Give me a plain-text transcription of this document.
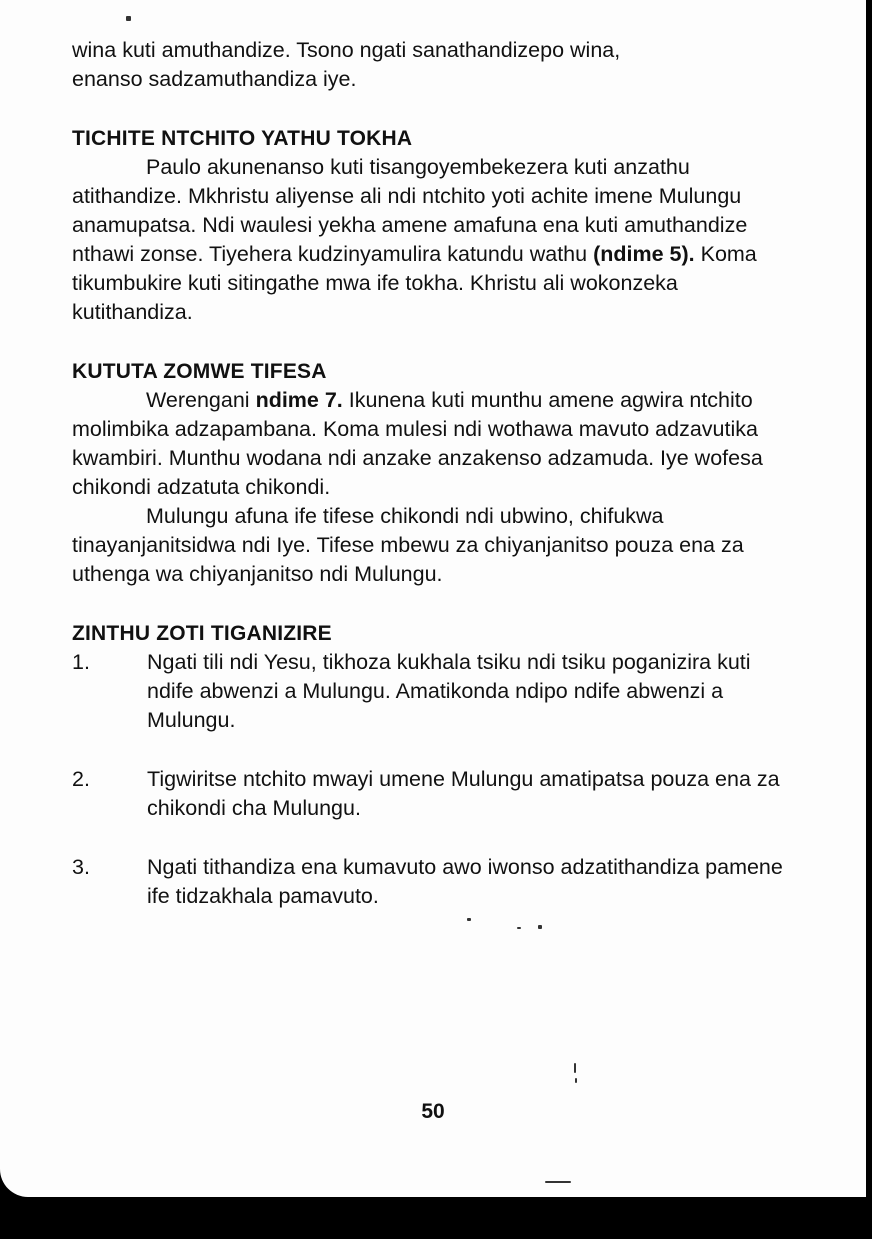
wina kuti amuthandize. Tsono ngati sanathandizepo wina,
enanso sadzamuthandiza iye.

TICHITE NTCHITO YATHU TOKHA

Paulo akunenanso kuti tisangoyembekezera kuti anzathu atithandize. Mkhristu aliyense ali ndi ntchito yoti achite imene Mulungu anamupatsa. Ndi waulesi yekha amene amafuna ena kuti amuthandize nthawi zonse. Tiyehera kudzinyamulira katundu wathu (ndime 5). Koma tikumbukire kuti sitingathe mwa ife tokha. Khristu ali wokonzeka kutithandiza.

KUTUTA ZOMWE TIFESA

Werengani ndime 7. Ikunena kuti munthu amene agwira ntchito molimbika adzapambana. Koma mulesi ndi wothawa mavuto adzavutika kwambiri. Munthu wodana ndi anzake anzakenso adzamuda. Iye wofesa chikondi adzatuta chikondi.

Mulungu afuna ife tifese chikondi ndi ubwino, chifukwa tinayanjanitsidwa ndi Iye. Tifese mbewu za chiyanjanitso pouza ena za uthenga wa chiyanjanitso ndi Mulungu.

ZINTHU ZOTI TIGANIZIRE
1.	Ngati tili ndi Yesu, tikhoza kukhala tsiku ndi tsiku poganizira kuti ndife abwenzi a Mulungu. Amatikonda ndipo ndife abwenzi a Mulungu.
2.	Tigwiritse ntchito mwayi umene Mulungu amatipatsa pouza ena za chikondi cha Mulungu.
3.	Ngati tithandiza ena kumavuto awo iwonso adzatithandiza pamene ife tidzakhala pamavuto.
50
